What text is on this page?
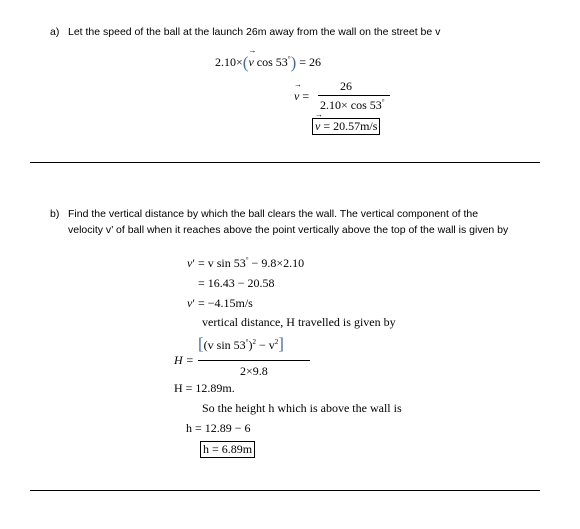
a) Let the speed of the ball at the launch 26m away from the wall on the street be v
2.10×(→ v cos 53°) = 26
26
→ v =
2.10× cos 53°
→ v = 20.57m/s
b) Find the vertical distance by which the ball clears the wall. The vertical component of the
velocity v’ of ball when it reaches above the point vertically above the top of the wall is given by
v′ = v sin 53° − 9.8×2.10
= 16.43 − 20.58
v′ = −4.15m/s
vertical distance, H travelled is given by
[(v $\sin 53^\circ)^2 - v^2$]
H =
2×9.8
H = 12.89m.
So the height h which is above the wall is
h = 12.89 − 6
h = 6.89m
